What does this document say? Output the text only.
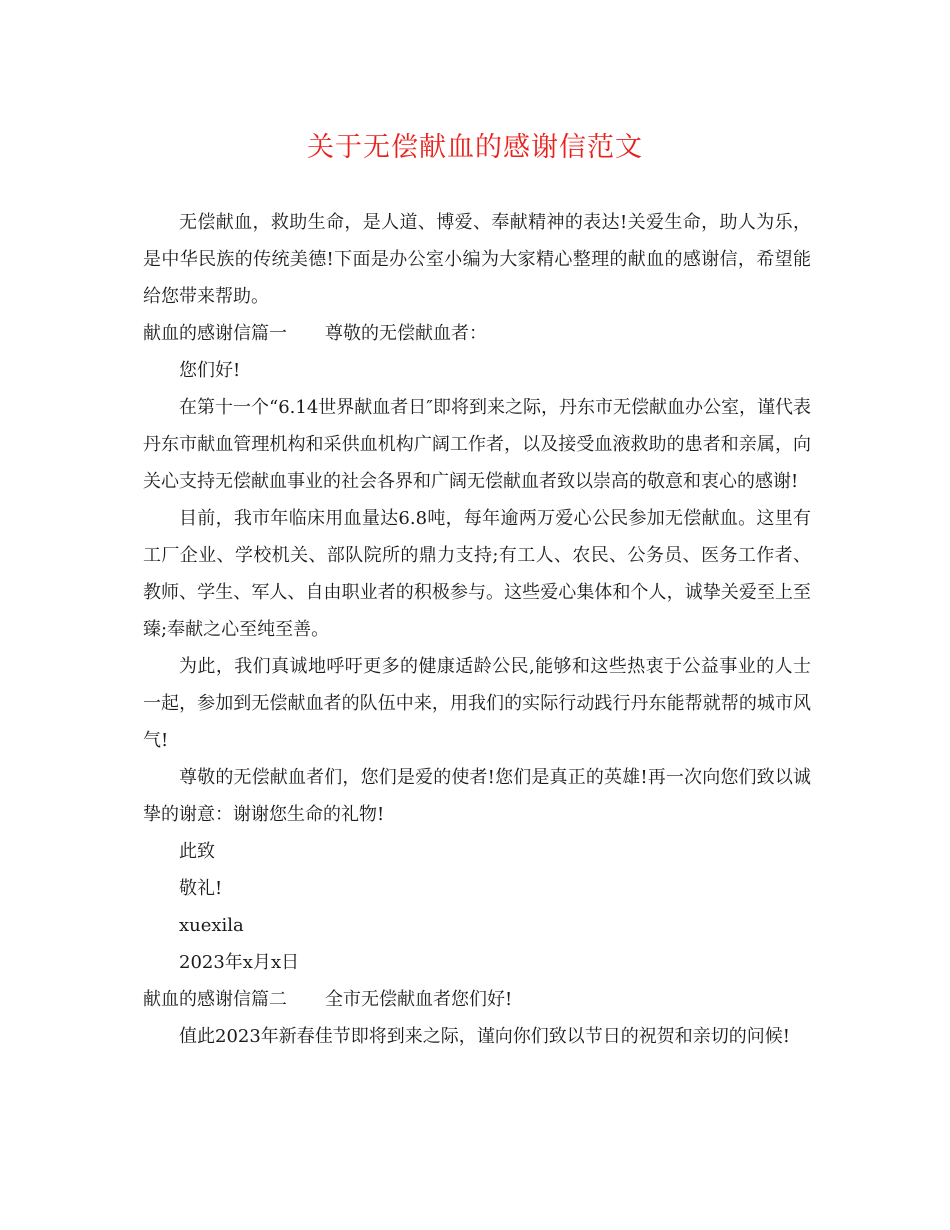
关于无偿献血的感谢信范文

无偿献血，救助生命，是人道、博爱、奉献精神的表达!关爱生命，助人为乐，是中华民族的传统美德!下面是办公室小编为大家精心整理的献血的感谢信，希望能给您带来帮助。

献血的感谢信篇一 尊敬的无偿献血者：

您们好!

在第十一个“6.14世界献血者日″即将到来之际，丹东市无偿献血办公室，谨代表丹东市献血管理机构和采供血机构广阔工作者，以及接受血液救助的患者和亲属，向关心支持无偿献血事业的社会各界和广阔无偿献血者致以崇高的敬意和衷心的感谢!

目前，我市年临床用血量达6.8吨，每年逾两万爱心公民参加无偿献血。这里有工厂企业、学校机关、部队院所的鼎力支持;有工人、农民、公务员、医务工作者、教师、学生、军人、自由职业者的积极参与。这些爱心集体和个人，诚挚关爱至上至臻;奉献之心至纯至善。

为此，我们真诚地呼吁更多的健康适龄公民,能够和这些热衷于公益事业的人士一起，参加到无偿献血者的队伍中来，用我们的实际行动践行丹东能帮就帮的城市风气!

尊敬的无偿献血者们，您们是爱的使者!您们是真正的英雄!再一次向您们致以诚挚的谢意：谢谢您生命的礼物!

此致

敬礼!

xuexila

2023年x月x日

献血的感谢信篇二 全市无偿献血者您们好!

值此2023年新春佳节即将到来之际，谨向你们致以节日的祝贺和亲切的问候!
